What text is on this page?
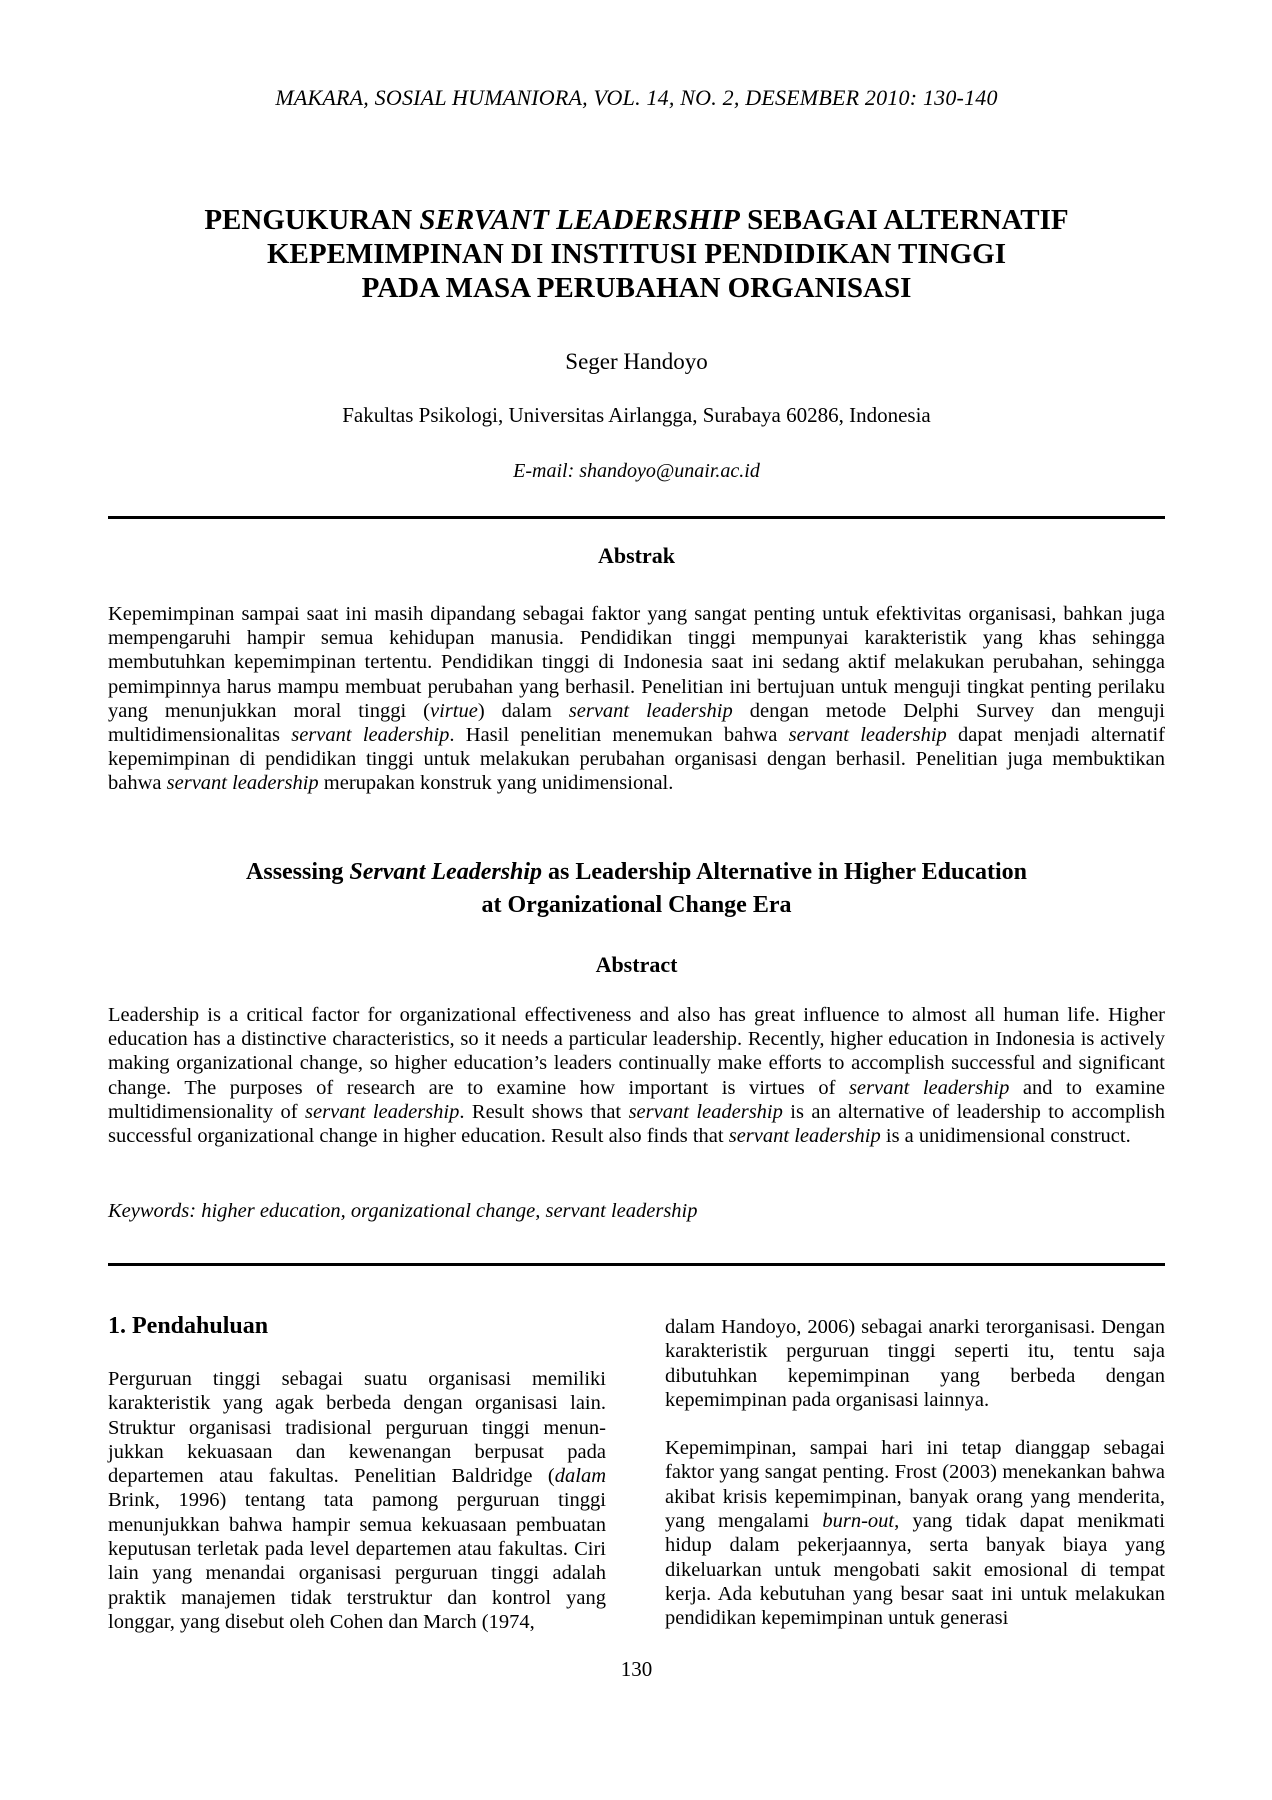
MAKARA, SOSIAL HUMANIORA, VOL. 14, NO. 2, DESEMBER 2010: 130-140
PENGUKURAN SERVANT LEADERSHIP SEBAGAI ALTERNATIF
KEPEMIMPINAN DI INSTITUSI PENDIDIKAN TINGGI
PADA MASA PERUBAHAN ORGANISASI
Seger Handoyo
Fakultas Psikologi, Universitas Airlangga, Surabaya 60286, Indonesia
E-mail: shandoyo@unair.ac.id
Abstrak

Kepemimpinan sampai saat ini masih dipandang sebagai faktor yang sangat penting untuk efektivitas organisasi, bahkan juga mempengaruhi hampir semua kehidupan manusia. Pendidikan tinggi mempunyai karakteristik yang khas sehingga membutuhkan kepemimpinan tertentu. Pendidikan tinggi di Indonesia saat ini sedang aktif melakukan perubahan, sehingga pemimpinnya harus mampu membuat perubahan yang berhasil. Penelitian ini bertujuan untuk menguji tingkat penting perilaku yang menunjukkan moral tinggi (virtue) dalam servant leadership dengan metode Delphi Survey dan menguji multidimensionalitas servant leadership. Hasil penelitian menemukan bahwa servant leadership dapat menjadi alternatif kepemimpinan di pendidikan tinggi untuk melakukan perubahan organisasi dengan berhasil. Penelitian juga membuktikan bahwa servant leadership merupakan konstruk yang unidimensional.

Assessing Servant Leadership as Leadership Alternative in Higher Education
at Organizational Change Era
Abstract

Leadership is a critical factor for organizational effectiveness and also has great influence to almost all human life. Higher education has a distinctive characteristics, so it needs a particular leadership. Recently, higher education in Indonesia is actively making organizational change, so higher education’s leaders continually make efforts to accomplish successful and significant change. The purposes of research are to examine how important is virtues of servant leadership and to examine multidimensionality of servant leadership. Result shows that servant leadership is an alternative of leadership to accomplish successful organizational change in higher education. Result also finds that servant leadership is a unidimensional construct.

Keywords: higher education, organizational change, servant leadership

1. Pendahuluan

Perguruan tinggi sebagai suatu organisasi memiliki karakteristik yang agak berbeda dengan organisasi lain. Struktur organisasi tradisional perguruan tinggi menun-jukkan kekuasaan dan kewenangan berpusat pada departemen atau fakultas. Penelitian Baldridge (dalam Brink, 1996) tentang tata pamong perguruan tinggi menunjukkan bahwa hampir semua kekuasaan pembuatan keputusan terletak pada level departemen atau fakultas. Ciri lain yang menandai organisasi perguruan tinggi adalah praktik manajemen tidak terstruktur dan kontrol yang longgar, yang disebut oleh Cohen dan March (1974,

dalam Handoyo, 2006) sebagai anarki terorganisasi. Dengan karakteristik perguruan tinggi seperti itu, tentu saja dibutuhkan kepemimpinan yang berbeda dengan kepemimpinan pada organisasi lainnya.

Kepemimpinan, sampai hari ini tetap dianggap sebagai faktor yang sangat penting. Frost (2003) menekankan bahwa akibat krisis kepemimpinan, banyak orang yang menderita, yang mengalami burn-out, yang tidak dapat menikmati hidup dalam pekerjaannya, serta banyak biaya yang dikeluarkan untuk mengobati sakit emosional di tempat kerja. Ada kebutuhan yang besar saat ini untuk melakukan pendidikan kepemimpinan untuk generasi

130
